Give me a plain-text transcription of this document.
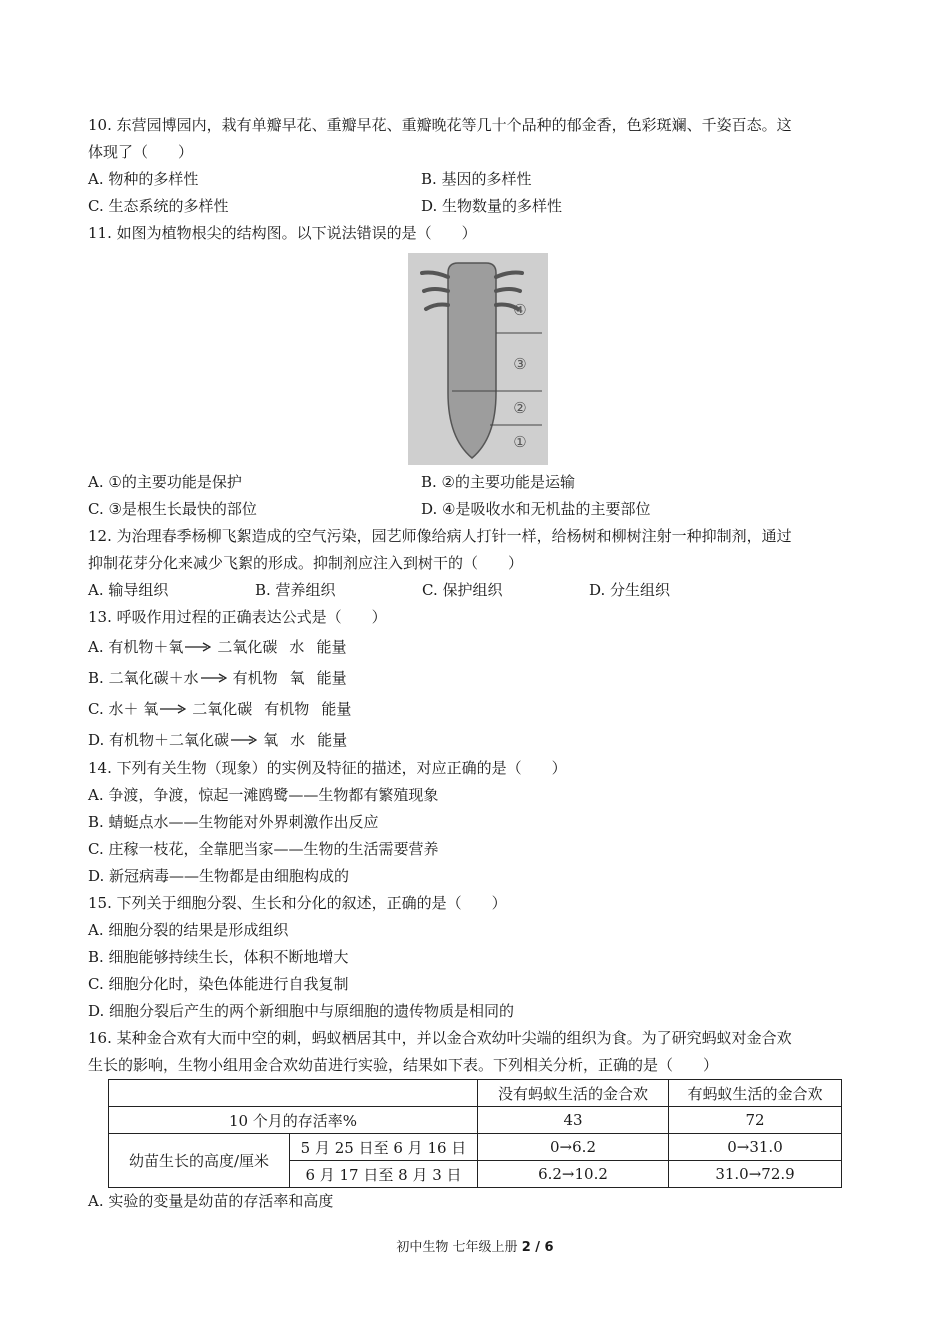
10. 东营园博园内，栽有单瓣早花、重瓣早花、重瓣晚花等几十个品种的郁金香，色彩斑斓、千姿百态。这
体现了（　　）
A. 物种的多样性	B. 基因的多样性
C. 生态系统的多样性	D. 生物数量的多样性
11. 如图为植物根尖的结构图。以下说法错误的是（　　）
④
③
②
①
A. ①的主要功能是保护	B. ②的主要功能是运输
C. ③是根生长最快的部位	D. ④是吸收水和无机盐的主要部位
12. 为治理春季杨柳飞絮造成的空气污染，园艺师像给病人打针一样，给杨树和柳树注射一种抑制剂，通过
抑制花芽分化来减少飞絮的形成。抑制剂应注入到树干的（　　）
A. 输导组织	B. 营养组织	C. 保护组织	D. 分生组织
13. 呼吸作用过程的正确表达公式是（　　）
A.
有机物＋氧 → 二氧化碳 水 能量
B.
二氧化碳＋水 → 有机物 氧 能量
C.
水＋ 氧 → 二氧化碳 有机物 能量
D.
有机物＋二氧化碳 → 氧 水 能量
14. 下列有关生物（现象）的实例及特征的描述，对应正确的是（　　）
A. 争渡，争渡，惊起一滩鸥鹭——生物都有繁殖现象
B. 蜻蜓点水——生物能对外界刺激作出反应
C. 庄稼一枝花，全靠肥当家——生物的生活需要营养
D. 新冠病毒——生物都是由细胞构成的
15. 下列关于细胞分裂、生长和分化的叙述，正确的是（　　）
A. 细胞分裂的结果是形成组织
B. 细胞能够持续生长，体积不断地增大
C. 细胞分化时，染色体能进行自我复制
D. 细胞分裂后产生的两个新细胞中与原细胞的遗传物质是相同的
16. 某种金合欢有大而中空的刺，蚂蚁栖居其中，并以金合欢幼叶尖端的组织为食。为了研究蚂蚁对金合欢
生长的影响，生物小组用金合欢幼苗进行实验，结果如下表。下列相关分析，正确的是（　　）
		没有蚂蚁生活的金合欢	有蚂蚁生活的金合欢
10 个月的存活率%		43	72
幼苗生长的高度/厘米	5 月 25 日至 6 月 16 日	0→6.2	0→31.0
	6 月 17 日至 8 月 3 日	6.2→10.2	31.0→72.9
A. 实验的变量是幼苗的存活率和高度
初中生物 七年级上册 2 / 6
